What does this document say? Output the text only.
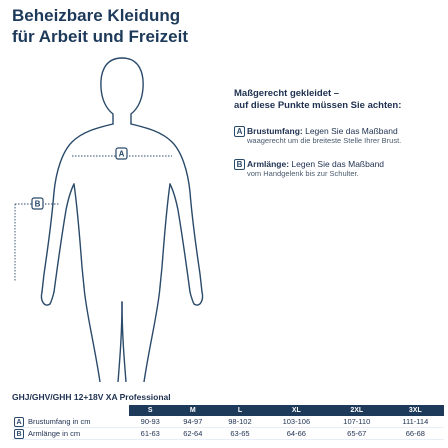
Beheizbare Kleidung
für Arbeit und Freizeit
A
B
Maßgerecht gekleidet –
auf diese Punkte müssen Sie achten:
A Brustumfang: Legen Sie das Maßband
waagerecht um die breiteste Stelle Ihrer Brust.
B Armlänge: Legen Sie das Maßband
vom Handgelenk bis zur Schulter.
GHJ/GHV/GHH 12+18V XA Professional
	S	M	L	XL	2XL	3XL
A Brustumfang in cm	90-93	94-97	98-102	103-106	107-110	111-114
B Armlänge in cm	61-63	62-64	63-65	64-66	65-67	66-68
